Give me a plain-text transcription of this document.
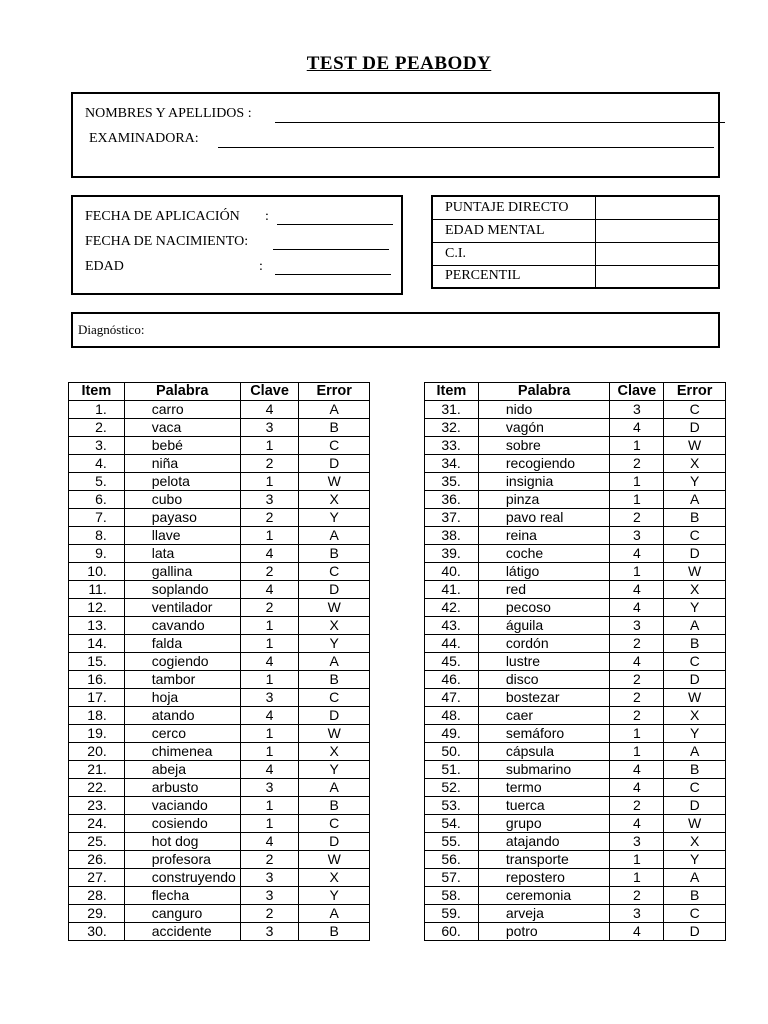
TEST DE PEABODY
NOMBRES Y APELLIDOS :
EXAMINADORA:
FECHA DE APLICACIÓN :
FECHA DE NACIMIENTO:
EDAD	:
PUNTAJE DIRECTO	
EDAD MENTAL	
C.I.	
PERCENTIL	
Diagnóstico:
Item	Palabra	Clave	Error
1.	carro	4	A
2.	vaca	3	B
3.	bebé	1	C
4.	niña	2	D
5.	pelota	1	W
6.	cubo	3	X
7.	payaso	2	Y
8.	llave	1	A
9.	lata	4	B
10.	gallina	2	C
11.	soplando	4	D
12.	ventilador	2	W
13.	cavando	1	X
14.	falda	1	Y
15.	cogiendo	4	A
16.	tambor	1	B
17.	hoja	3	C
18.	atando	4	D
19.	cerco	1	W
20.	chimenea	1	X
21.	abeja	4	Y
22.	arbusto	3	A
23.	vaciando	1	B
24.	cosiendo	1	C
25.	hot dog	4	D
26.	profesora	2	W
27.	construyendo	3	X
28.	flecha	3	Y
29.	canguro	2	A
30.	accidente	3	B
Item	Palabra	Clave	Error
31.	nido	3	C
32.	vagón	4	D
33.	sobre	1	W
34.	recogiendo	2	X
35.	insignia	1	Y
36.	pinza	1	A
37.	pavo real	2	B
38.	reina	3	C
39.	coche	4	D
40.	látigo	1	W
41.	red	4	X
42.	pecoso	4	Y
43.	águila	3	A
44.	cordón	2	B
45.	lustre	4	C
46.	disco	2	D
47.	bostezar	2	W
48.	caer	2	X
49.	semáforo	1	Y
50.	cápsula	1	A
51.	submarino	4	B
52.	termo	4	C
53.	tuerca	2	D
54.	grupo	4	W
55.	atajando	3	X
56.	transporte	1	Y
57.	repostero	1	A
58.	ceremonia	2	B
59.	arveja	3	C
60.	potro	4	D
